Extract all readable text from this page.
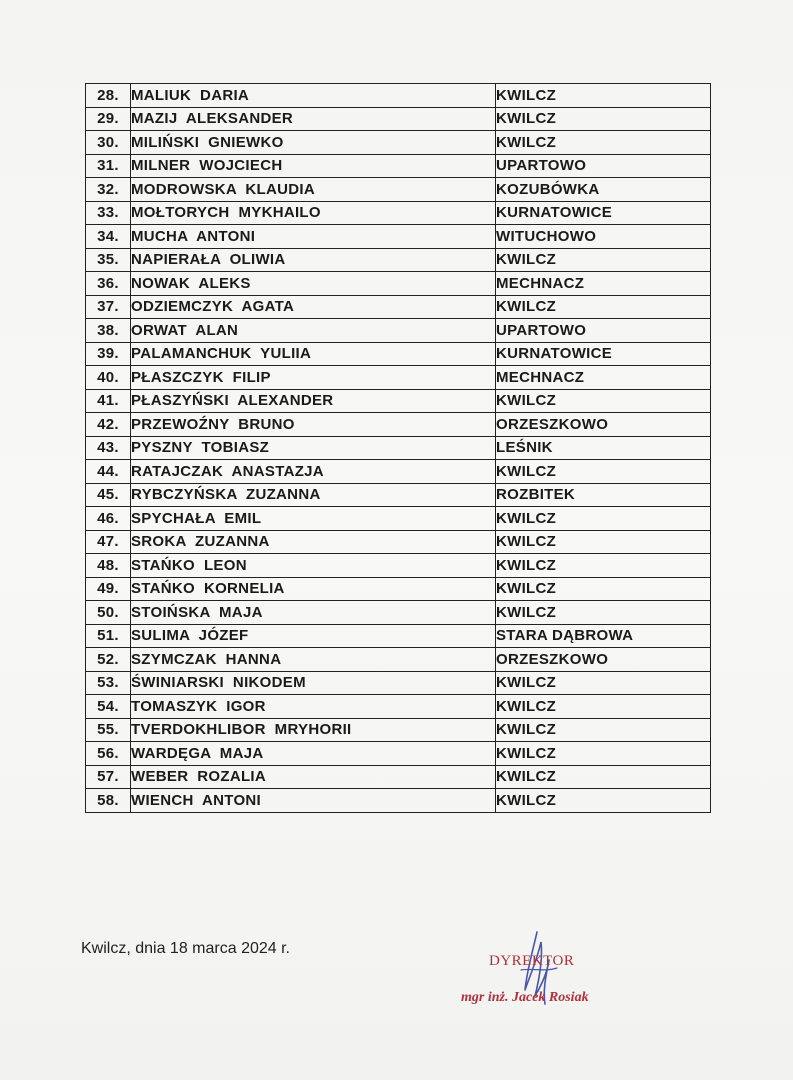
28.	MALIUK  DARIA	KWILCZ
29.	MAZIJ  ALEKSANDER	KWILCZ
30.	MILIŃSKI  GNIEWKO	KWILCZ
31.	MILNER  WOJCIECH	UPARTOWO
32.	MODROWSKA  KLAUDIA	KOZUBÓWKA
33.	MOŁTORYCH  MYKHAILO	KURNATOWICE
34.	MUCHA  ANTONI	WITUCHOWO
35.	NAPIERAŁA  OLIWIA	KWILCZ
36.	NOWAK  ALEKS	MECHNACZ
37.	ODZIEMCZYK  AGATA	KWILCZ
38.	ORWAT  ALAN	UPARTOWO
39.	PALAMANCHUK  YULIIA	KURNATOWICE
40.	PŁASZCZYK  FILIP	MECHNACZ
41.	PŁASZYŃSKI  ALEXANDER	KWILCZ
42.	PRZEWOŹNY  BRUNO	ORZESZKOWO
43.	PYSZNY  TOBIASZ	LEŚNIK
44.	RATAJCZAK  ANASTAZJA	KWILCZ
45.	RYBCZYŃSKA  ZUZANNA	ROZBITEK
46.	SPYCHAŁA  EMIL	KWILCZ
47.	SROKA  ZUZANNA	KWILCZ
48.	STAŃKO  LEON	KWILCZ
49.	STAŃKO  KORNELIA	KWILCZ
50.	STOIŃSKA  MAJA	KWILCZ
51.	SULIMA  JÓZEF	STARA DĄBROWA
52.	SZYMCZAK  HANNA	ORZESZKOWO
53.	ŚWINIARSKI  NIKODEM	KWILCZ
54.	TOMASZYK  IGOR	KWILCZ
55.	TVERDOKHLIBOR  MRYHORII	KWILCZ
56.	WARDĘGA  MAJA	KWILCZ
57.	WEBER  ROZALIA	KWILCZ
58.	WIENCH  ANTONI	KWILCZ
Kwilcz, dnia 18 marca 2024 r.
DYREKTOR
mgr inż. Jacek Rosiak
